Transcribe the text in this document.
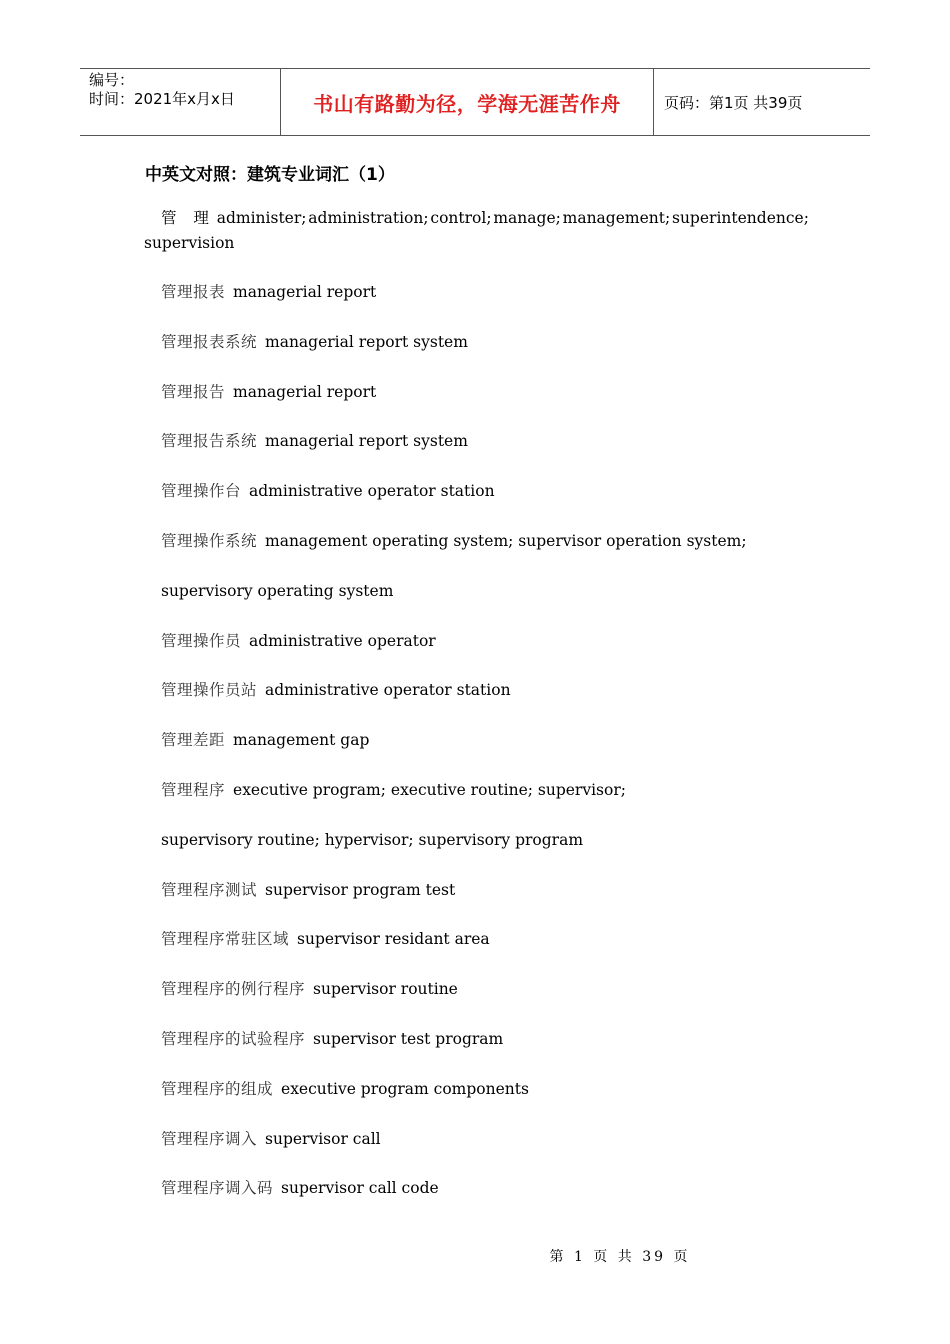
编号：
时间：2021年x月x日	书山有路勤为径，学海无涯苦作舟	页码：第1页 共39页
中英文对照：建筑专业词汇（1）
管 理 administer; administration; control; manage; management; superintendence;
supervision
管理报表 managerial report
管理报表系统 managerial report system
管理报告 managerial report
管理报告系统 managerial report system
管理操作台 administrative operator station
管理操作系统 management operating system; supervisor operation system;
supervisory operating system
管理操作员 administrative operator
管理操作员站 administrative operator station
管理差距 management gap
管理程序 executive program; executive routine; supervisor;
supervisory routine; hypervisor; supervisory program
管理程序测试 supervisor program test
管理程序常驻区域 supervisor residant area
管理程序的例行程序 supervisor routine
管理程序的试验程序 supervisor test program
管理程序的组成 executive program components
管理程序调入 supervisor call
管理程序调入码 supervisor call code
第 1 页 共 39 页
